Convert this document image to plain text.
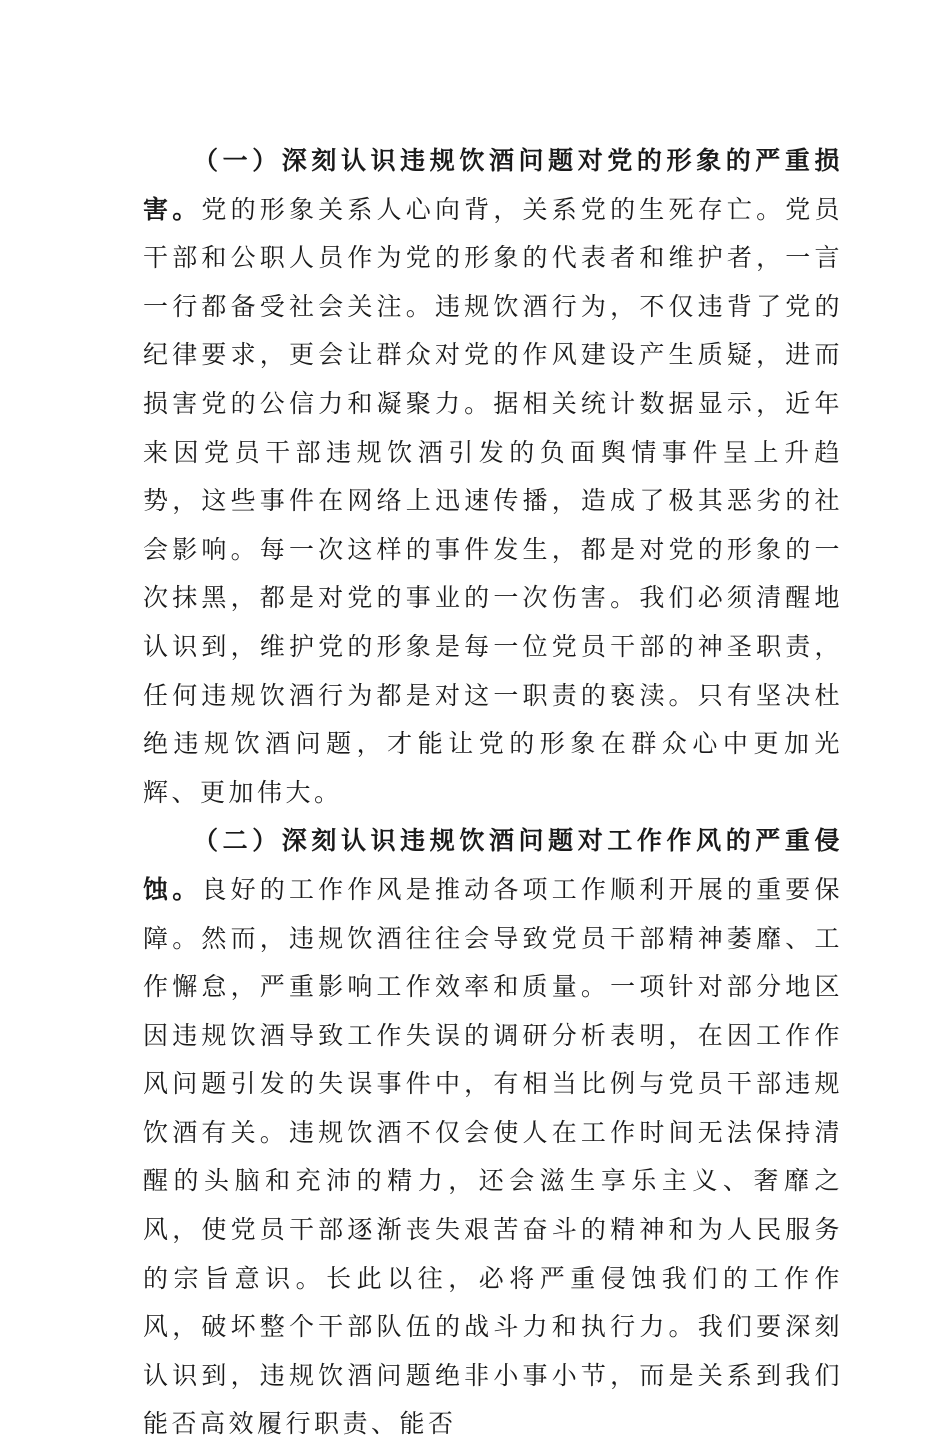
（一）深刻认识违规饮酒问题对党的形象的严重损害。党的形象关系人心向背，关系党的生死存亡。党员干部和公职人员作为党的形象的代表者和维护者，一言一行都备受社会关注。违规饮酒行为，不仅违背了党的纪律要求，更会让群众对党的作风建设产生质疑，进而损害党的公信力和凝聚力。据相关统计数据显示，近年来因党员干部违规饮酒引发的负面舆情事件呈上升趋势，这些事件在网络上迅速传播，造成了极其恶劣的社会影响。每一次这样的事件发生，都是对党的形象的一次抹黑，都是对党的事业的一次伤害。我们必须清醒地认识到，维护党的形象是每一位党员干部的神圣职责，任何违规饮酒行为都是对这一职责的亵渎。只有坚决杜绝违规饮酒问题，才能让党的形象在群众心中更加光辉、更加伟大。

（二）深刻认识违规饮酒问题对工作作风的严重侵蚀。良好的工作作风是推动各项工作顺利开展的重要保障。然而，违规饮酒往往会导致党员干部精神萎靡、工作懈怠，严重影响工作效率和质量。一项针对部分地区因违规饮酒导致工作失误的调研分析表明，在因工作作风问题引发的失误事件中，有相当比例与党员干部违规饮酒有关。违规饮酒不仅会使人在工作时间无法保持清醒的头脑和充沛的精力，还会滋生享乐主义、奢靡之风，使党员干部逐渐丧失艰苦奋斗的精神和为人民服务的宗旨意识。长此以往，必将严重侵蚀我们的工作作风，破坏整个干部队伍的战斗力和执行力。我们要深刻认识到，违规饮酒问题绝非小事小节，而是关系到我们能否高效履行职责、能否
